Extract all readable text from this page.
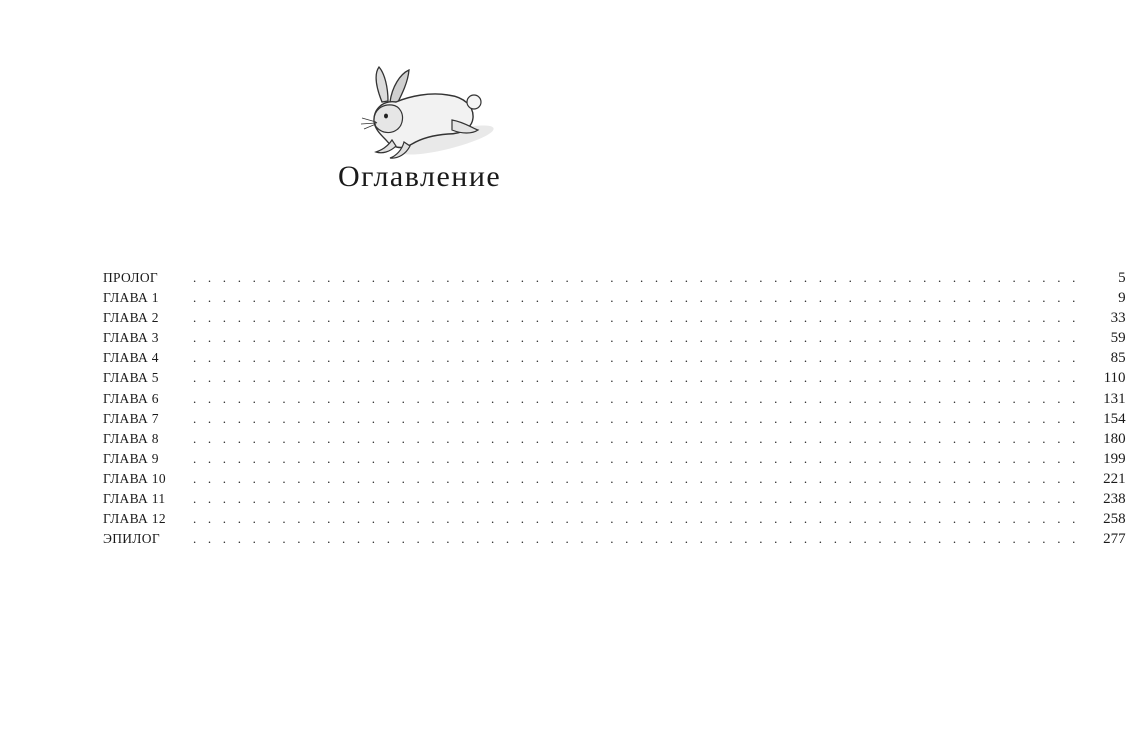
Оглавление
ПРОЛОГ	. . . . . . . . . . . . . . . . . . . . . . . . . . . . . . . . . . . . . . . . . . . . . . . . . . . . . . . . . . . .	5
ГЛАВА 1	. . . . . . . . . . . . . . . . . . . . . . . . . . . . . . . . . . . . . . . . . . . . . . . . . . . . . . . . . . . .	9
ГЛАВА 2	. . . . . . . . . . . . . . . . . . . . . . . . . . . . . . . . . . . . . . . . . . . . . . . . . . . . . . . . . . . .	33
ГЛАВА 3	. . . . . . . . . . . . . . . . . . . . . . . . . . . . . . . . . . . . . . . . . . . . . . . . . . . . . . . . . . . .	59
ГЛАВА 4	. . . . . . . . . . . . . . . . . . . . . . . . . . . . . . . . . . . . . . . . . . . . . . . . . . . . . . . . . . . .	85
ГЛАВА 5	. . . . . . . . . . . . . . . . . . . . . . . . . . . . . . . . . . . . . . . . . . . . . . . . . . . . . . . . . . . .	110
ГЛАВА 6	. . . . . . . . . . . . . . . . . . . . . . . . . . . . . . . . . . . . . . . . . . . . . . . . . . . . . . . . . . . .	131
ГЛАВА 7	. . . . . . . . . . . . . . . . . . . . . . . . . . . . . . . . . . . . . . . . . . . . . . . . . . . . . . . . . . . .	154
ГЛАВА 8	. . . . . . . . . . . . . . . . . . . . . . . . . . . . . . . . . . . . . . . . . . . . . . . . . . . . . . . . . . . .	180
ГЛАВА 9	. . . . . . . . . . . . . . . . . . . . . . . . . . . . . . . . . . . . . . . . . . . . . . . . . . . . . . . . . . . .	199
ГЛАВА 10	. . . . . . . . . . . . . . . . . . . . . . . . . . . . . . . . . . . . . . . . . . . . . . . . . . . . . . . . . . . .	221
ГЛАВА 11	. . . . . . . . . . . . . . . . . . . . . . . . . . . . . . . . . . . . . . . . . . . . . . . . . . . . . . . . . . . .	238
ГЛАВА 12	. . . . . . . . . . . . . . . . . . . . . . . . . . . . . . . . . . . . . . . . . . . . . . . . . . . . . . . . . . . .	258
ЭПИЛОГ	. . . . . . . . . . . . . . . . . . . . . . . . . . . . . . . . . . . . . . . . . . . . . . . . . . . . . . . . . . . .	277
